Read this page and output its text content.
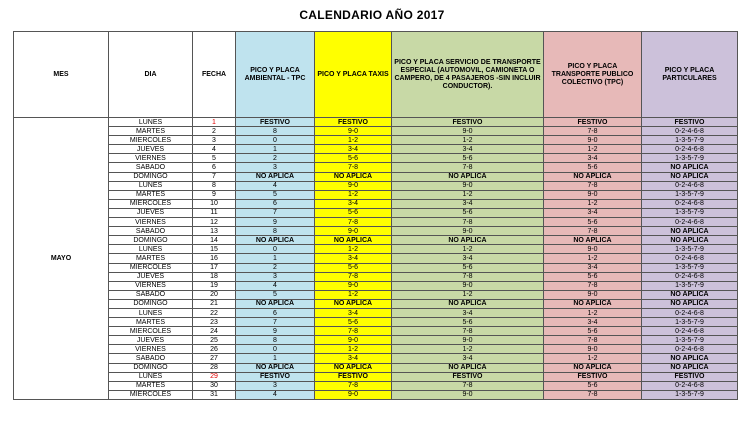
CALENDARIO AÑO 2017
MES	DIA	FECHA	PICO Y PLACA AMBIENTAL - TPC	PICO Y PLACA TAXIS	PICO Y PLACA SERVICIO DE TRANSPORTE ESPECIAL (AUTOMOVIL, CAMIONETA O CAMPERO, DE 4 PASAJEROS -SIN INCLUIR CONDUCTOR).	PICO Y PLACA TRANSPORTE PUBLICO COLECTIVO (TPC)	PICO Y PLACA PARTICULARES
MAYO	LUNES	1	FESTIVO	FESTIVO	FESTIVO	FESTIVO	FESTIVO
	MARTES	2	8	9-0	9-0	7-8	0-2-4-6-8
	MIERCOLES	3	0	1-2	1-2	9-0	1-3-5-7-9
	JUEVES	4	1	3-4	3-4	1-2	0-2-4-6-8
	VIERNES	5	2	5-6	5-6	3-4	1-3-5-7-9
	SABADO	6	3	7-8	7-8	5-6	NO APLICA
	DOMINGO	7	NO APLICA	NO APLICA	NO APLICA	NO APLICA	NO APLICA
	LUNES	8	4	9-0	9-0	7-8	0-2-4-6-8
	MARTES	9	5	1-2	1-2	9-0	1-3-5-7-9
	MIERCOLES	10	6	3-4	3-4	1-2	0-2-4-6-8
	JUEVES	11	7	5-6	5-6	3-4	1-3-5-7-9
	VIERNES	12	9	7-8	7-8	5-6	0-2-4-6-8
	SABADO	13	8	9-0	9-0	7-8	NO APLICA
	DOMINGO	14	NO APLICA	NO APLICA	NO APLICA	NO APLICA	NO APLICA
	LUNES	15	0	1-2	1-2	9-0	1-3-5-7-9
	MARTES	16	1	3-4	3-4	1-2	0-2-4-6-8
	MIERCOLES	17	2	5-6	5-6	3-4	1-3-5-7-9
	JUEVES	18	3	7-8	7-8	5-6	0-2-4-6-8
	VIERNES	19	4	9-0	9-0	7-8	1-3-5-7-9
	SABADO	20	5	1-2	1-2	9-0	NO APLICA
	DOMINGO	21	NO APLICA	NO APLICA	NO APLICA	NO APLICA	NO APLICA
	LUNES	22	6	3-4	3-4	1-2	0-2-4-6-8
	MARTES	23	7	5-6	5-6	3-4	1-3-5-7-9
	MIERCOLES	24	9	7-8	7-8	5-6	0-2-4-6-8
	JUEVES	25	8	9-0	9-0	7-8	1-3-5-7-9
	VIERNES	26	0	1-2	1-2	9-0	0-2-4-6-8
	SABADO	27	1	3-4	3-4	1-2	NO APLICA
	DOMINGO	28	NO APLICA	NO APLICA	NO APLICA	NO APLICA	NO APLICA
	LUNES	29	FESTIVO	FESTIVO	FESTIVO	FESTIVO	FESTIVO
	MARTES	30	3	7-8	7-8	5-6	0-2-4-6-8
	MIERCOLES	31	4	9-0	9-0	7-8	1-3-5-7-9
